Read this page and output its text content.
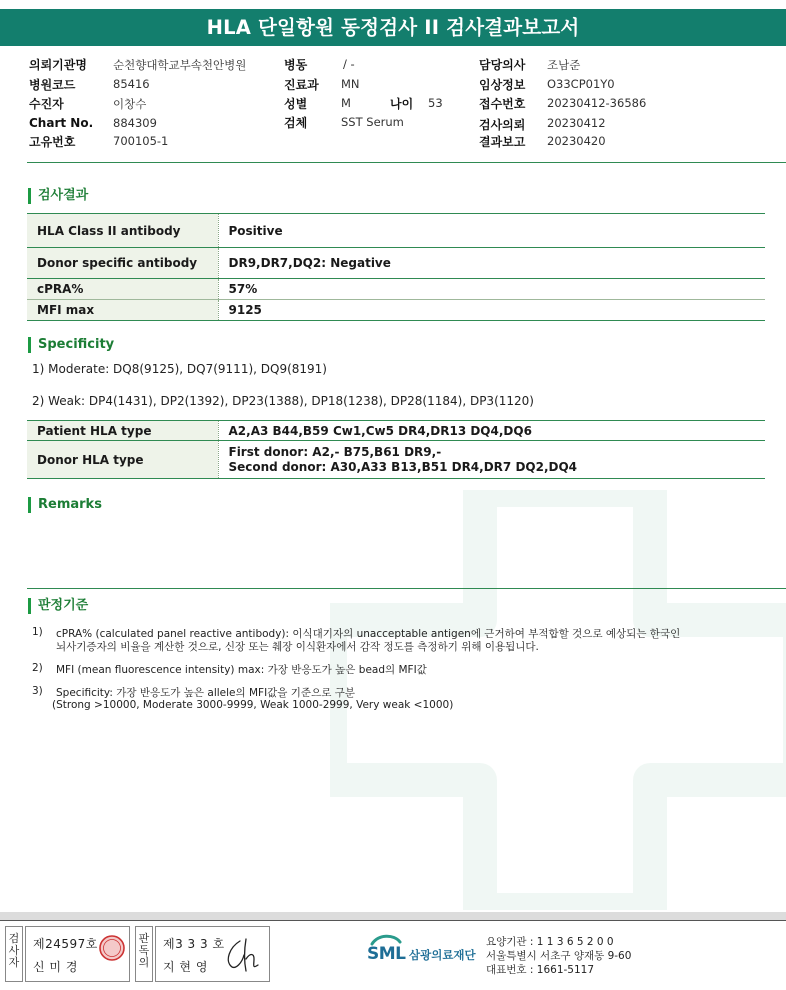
HLA 단일항원 동정검사 II 검사결과보고서
의뢰기관명 순천향대학교부속천안병원
병원코드	85416
수진자	이창수
Chart No. 884309
고유번호	700105-1
병동	/ -
진료과 MN
성별	M	나이 53
검체	SST Serum
담당의사 조남준
임상정보 O33CP01Y0
접수번호 20230412-36586
검사의뢰 20230412
결과보고 20230420
검사결과
HLA Class II antibody	Positive
Donor specific antibody	DR9,DR7,DQ2: Negative
cPRA%	57%
MFI max	9125
Specificity
1) Moderate: DQ8(9125), DQ7(9111), DQ9(8191)
2) Weak: DP4(1431), DP2(1392), DP23(1388), DP18(1238), DP28(1184), DP3(1120)
Patient HLA type	A2,A3 B44,B59 Cw1,Cw5 DR4,DR13 DQ4,DQ6
Donor HLA type	First donor: A2,- B75,B61 DR9,-
Second donor: A30,A33 B13,B51 DR4,DR7 DQ2,DQ4
Remarks
판정기준
1) cPRA% (calculated panel reactive antibody): 이식대기자의 unacceptable antigen에 근거하여 부적합할 것으로 예상되는 한국인
뇌사기증자의 비율을 계산한 것으로, 신장 또는 췌장 이식환자에서 감작 정도를 측정하기 위해 이용됩니다.
2) MFI (mean fluorescence intensity) max: 가장 반응도가 높은 bead의 MFI값
3) Specificity: 가장 반응도가 높은 allele의 MFI값을 기준으로 구분
(Strong >10000, Moderate 3000-9999, Weak 1000-2999, Very weak <1000)
검사자
제24597호
신 미 경
판독의
제3 3 3 호
지 현 영
SML 삼광의료재단
요양기관 : 1 1 3 6 5 2 0 0
서울특별시 서초구 양재동 9-60
대표번호 : 1661-5117
